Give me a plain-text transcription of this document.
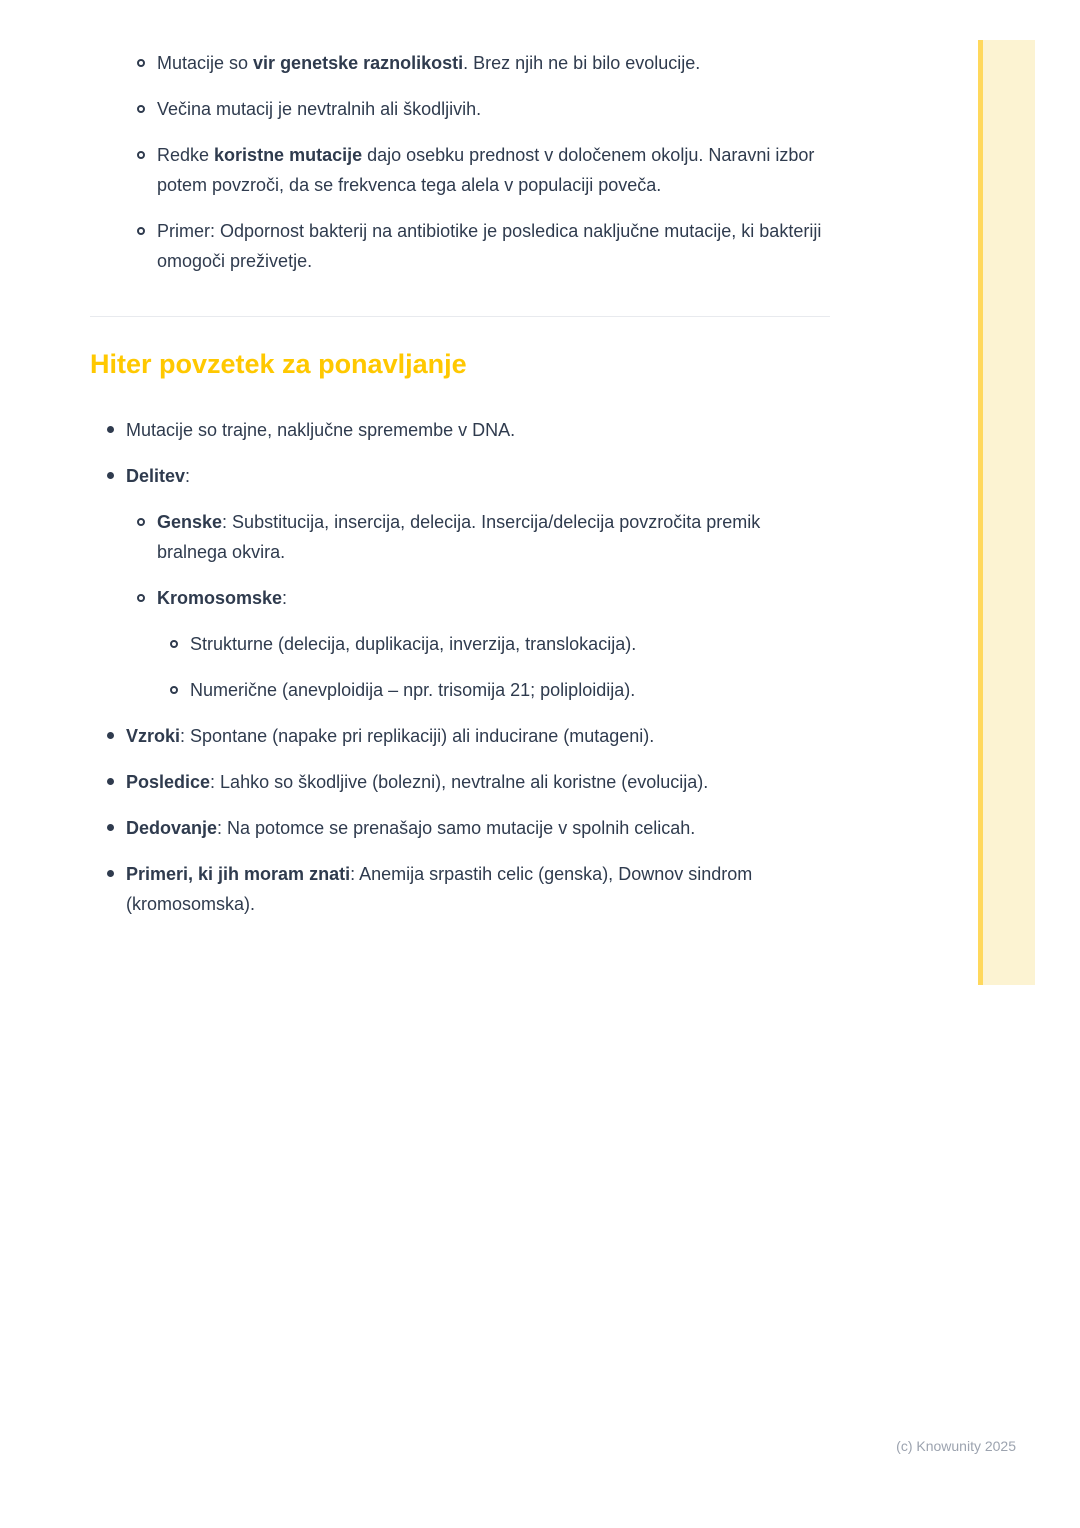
Mutacije so vir genetske raznolikosti. Brez njih ne bi bilo evolucije.
Večina mutacij je nevtralnih ali škodljivih.
Redke koristne mutacije dajo osebku prednost v določenem okolju. Naravni izbor potem povzroči, da se frekvenca tega alela v populaciji poveča.
Primer: Odpornost bakterij na antibiotike je posledica naključne mutacije, ki bakteriji omogoči preživetje.
Hiter povzetek za ponavljanje
Mutacije so trajne, naključne spremembe v DNA.
Delitev:
Genske: Substitucija, insercija, delecija. Insercija/delecija povzročita premik bralnega okvira.
Kromosomske:
Strukturne (delecija, duplikacija, inverzija, translokacija).
Numerične (anevploidija – npr. trisomija 21; poliploidija).
Vzroki: Spontane (napake pri replikaciji) ali inducirane (mutageni).
Posledice: Lahko so škodljive (bolezni), nevtralne ali koristne (evolucija).
Dedovanje: Na potomce se prenašajo samo mutacije v spolnih celicah.
Primeri, ki jih moram znati: Anemija srpastih celic (genska), Downov sindrom (kromosomska).
(c) Knowunity 2025
